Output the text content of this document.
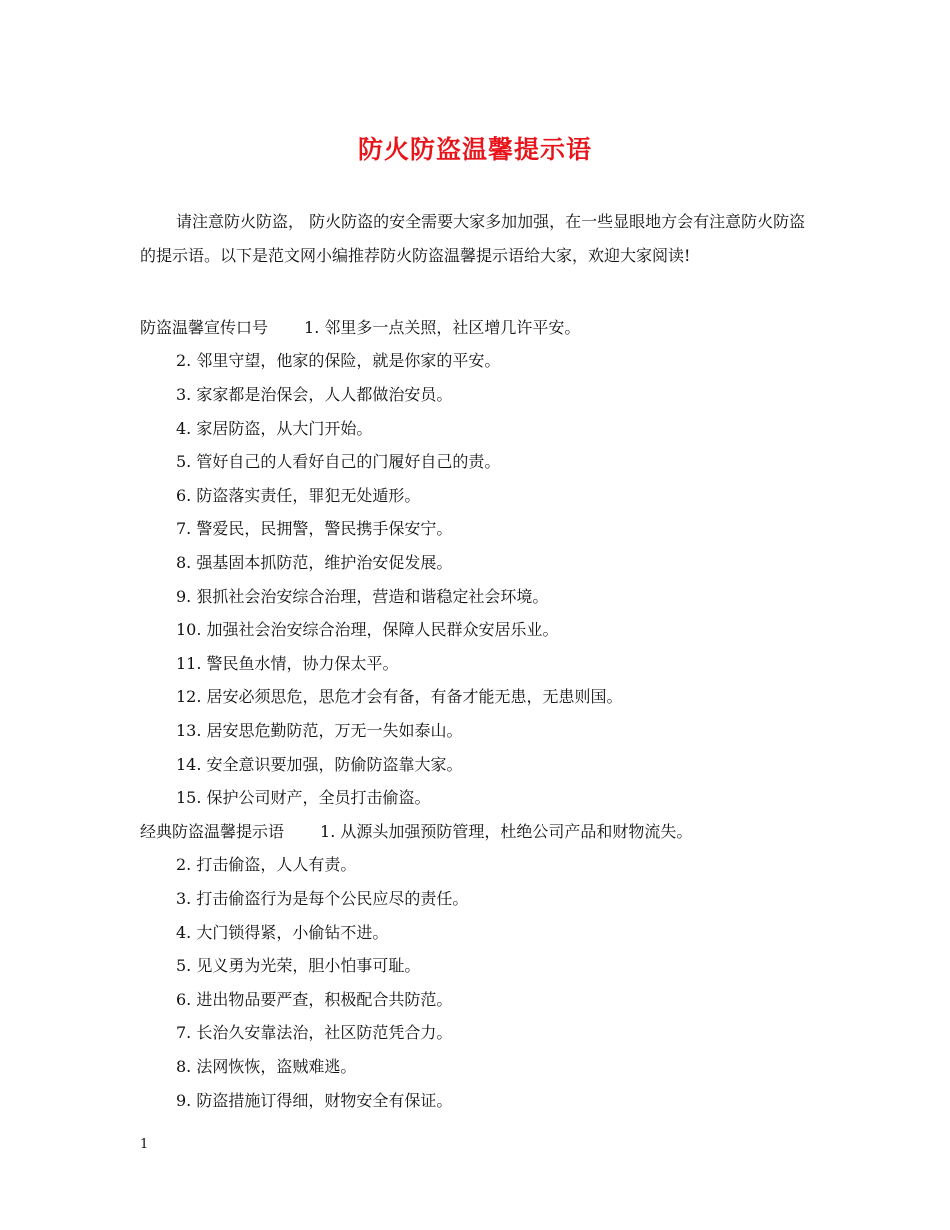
防火防盗温馨提示语

请注意防火防盗， 防火防盗的安全需要大家多加加强，在一些显眼地方会有注意防火防盗的提示语。以下是范文网小编推荐防火防盗温馨提示语给大家，欢迎大家阅读!

防盗温馨宣传口号 1. 邻里多一点关照，社区增几许平安。

2. 邻里守望，他家的保险，就是你家的平安。

3. 家家都是治保会，人人都做治安员。

4. 家居防盗，从大门开始。

5. 管好自己的人看好自己的门履好自己的责。

6. 防盗落实责任，罪犯无处遁形。

7. 警爱民，民拥警，警民携手保安宁。

8. 强基固本抓防范，维护治安促发展。

9. 狠抓社会治安综合治理，营造和谐稳定社会环境。

10. 加强社会治安综合治理，保障人民群众安居乐业。

11. 警民鱼水情，协力保太平。

12. 居安必须思危，思危才会有备，有备才能无患，无患则国。

13. 居安思危勤防范，万无一失如泰山。

14. 安全意识要加强，防偷防盗靠大家。

15. 保护公司财产，全员打击偷盗。

经典防盗温馨提示语 1. 从源头加强预防管理，杜绝公司产品和财物流失。

2. 打击偷盗，人人有责。

3. 打击偷盗行为是每个公民应尽的责任。

4. 大门锁得紧，小偷钻不进。

5. 见义勇为光荣，胆小怕事可耻。

6. 进出物品要严查，积极配合共防范。

7. 长治久安靠法治，社区防范凭合力。

8. 法网恢恢，盗贼难逃。

9. 防盗措施订得细，财物安全有保证。

1
